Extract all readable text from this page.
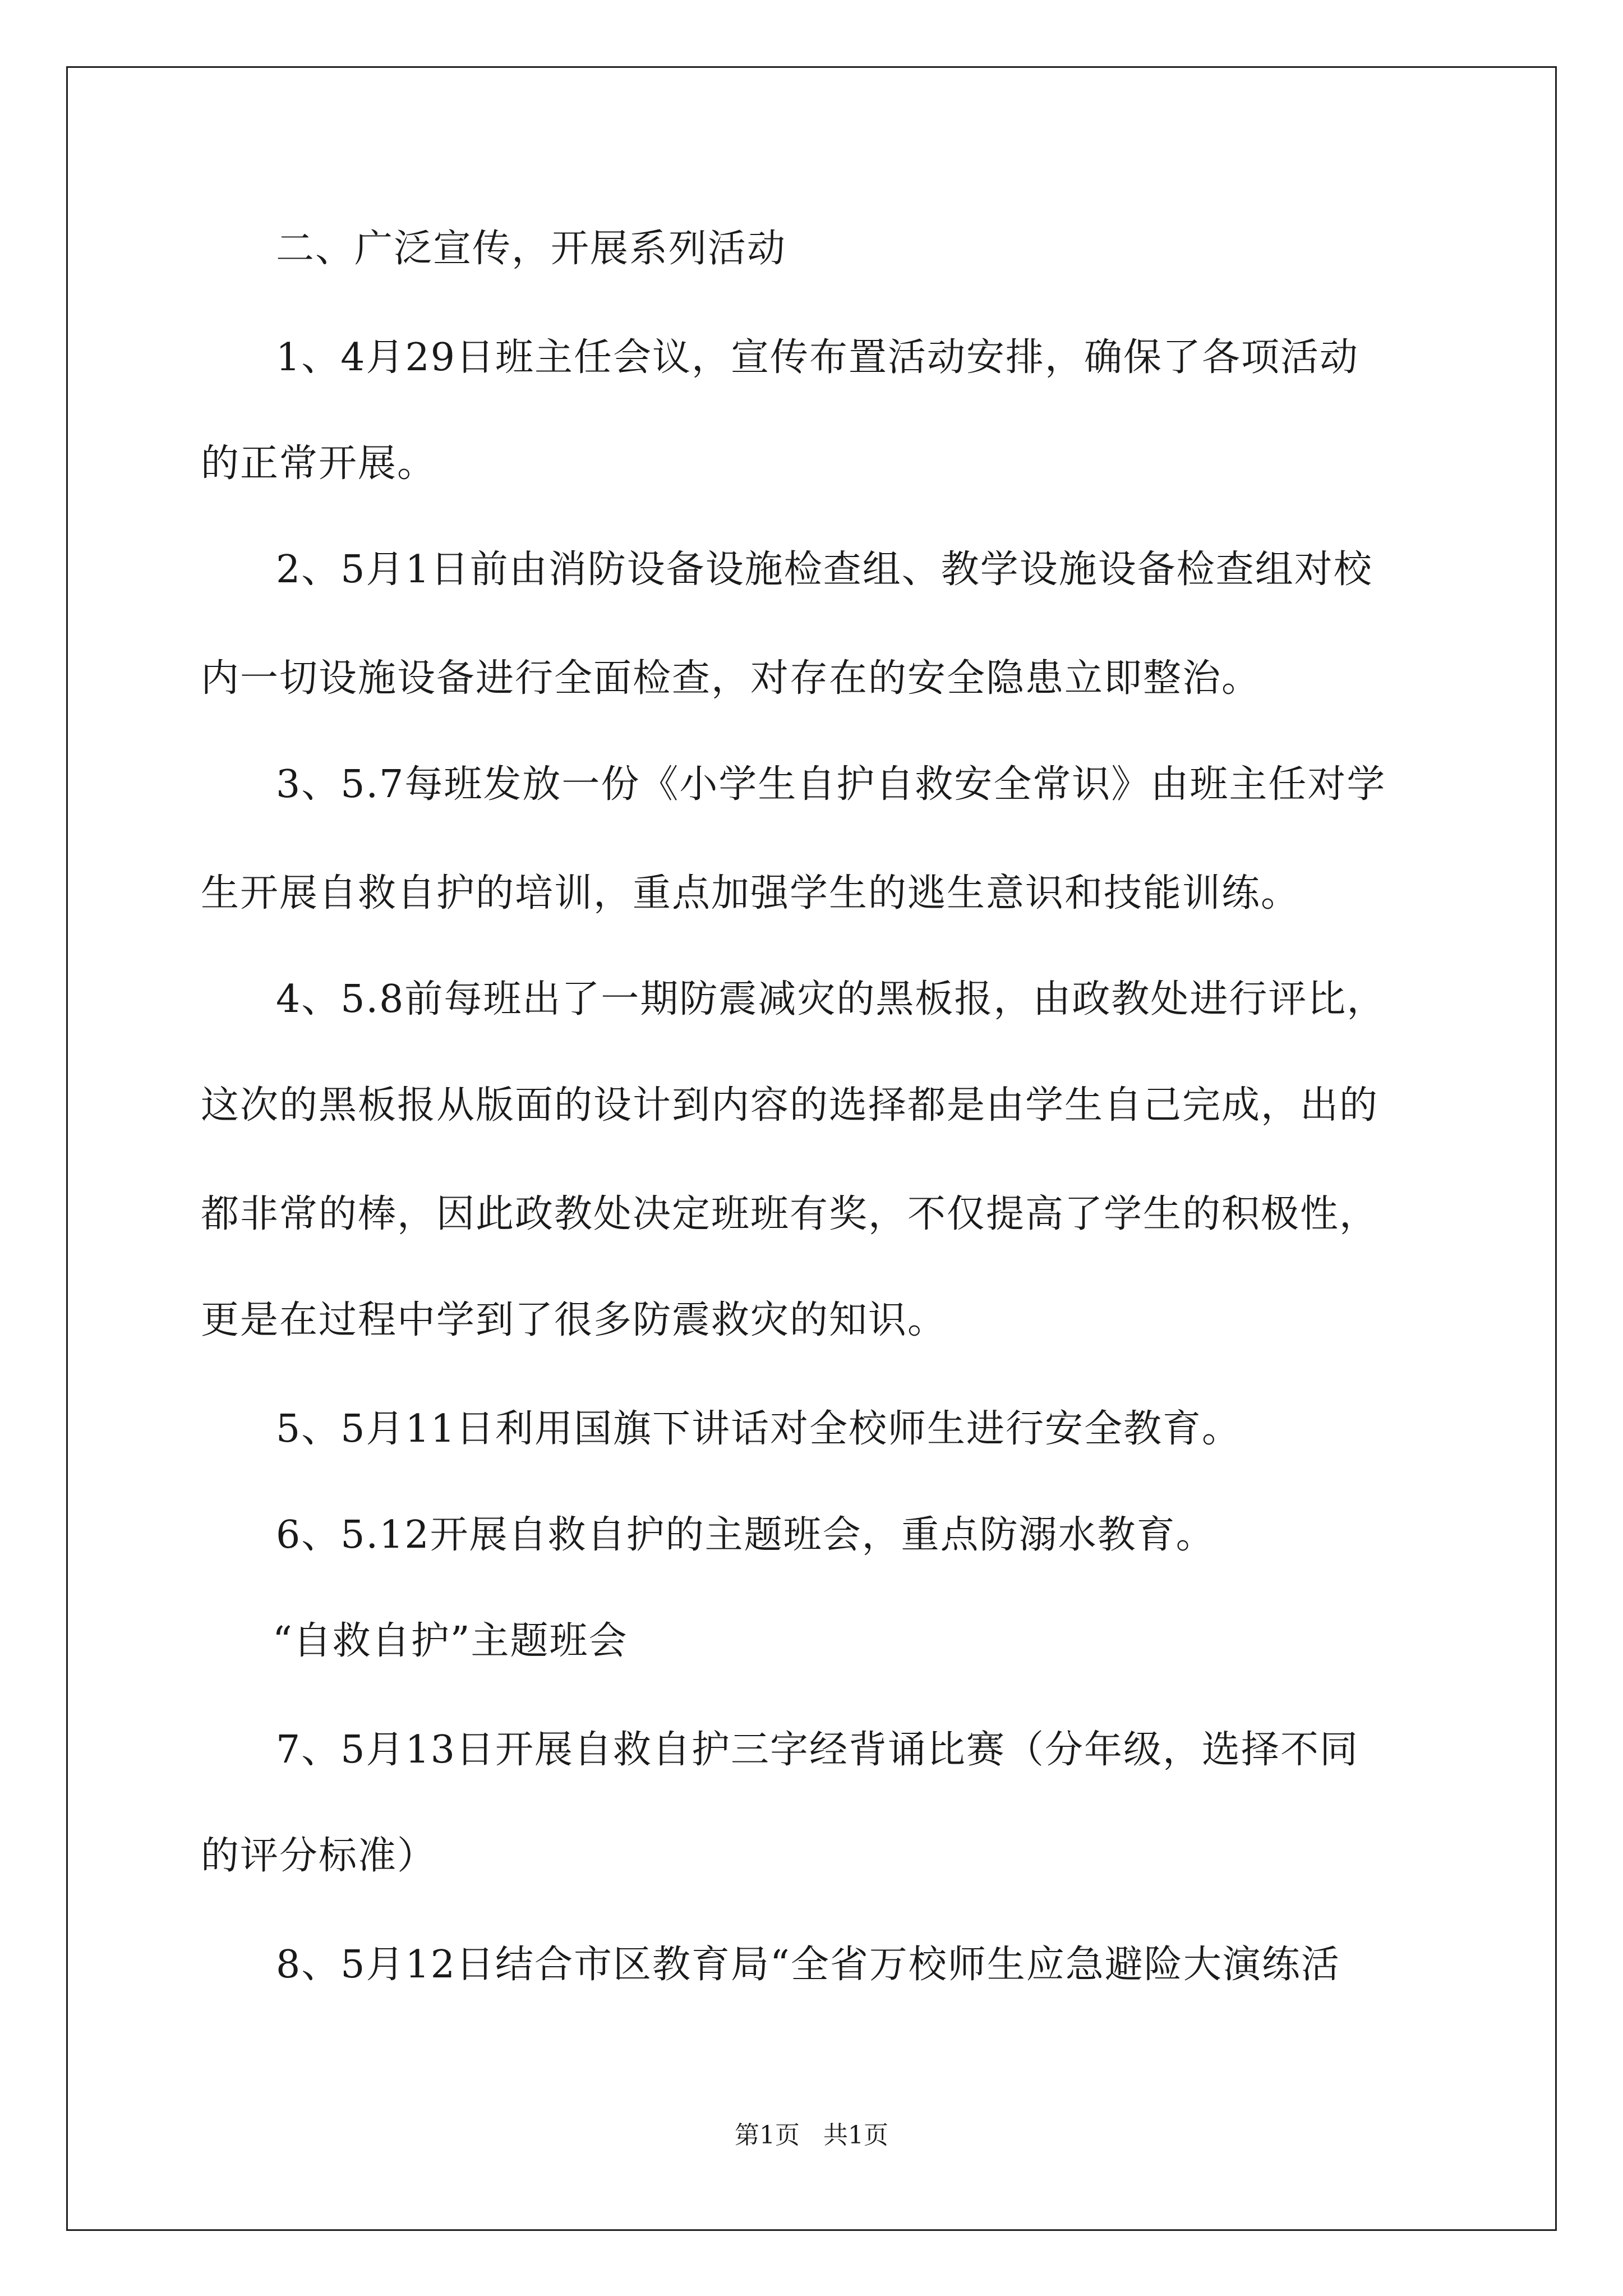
二、广泛宣传，开展系列活动
1、4月29日班主任会议，宣传布置活动安排，确保了各项活动
的正常开展。
2、5月1日前由消防设备设施检查组、教学设施设备检查组对校
内一切设施设备进行全面检查，对存在的安全隐患立即整治。
3、5.7每班发放一份《小学生自护自救安全常识》由班主任对学
生开展自救自护的培训，重点加强学生的逃生意识和技能训练。
4、5.8前每班出了一期防震减灾的黑板报，由政教处进行评比，
这次的黑板报从版面的设计到内容的选择都是由学生自己完成，出的
都非常的棒，因此政教处决定班班有奖，不仅提高了学生的积极性，
更是在过程中学到了很多防震救灾的知识。
5、5月11日利用国旗下讲话对全校师生进行安全教育。
6、5.12开展自救自护的主题班会，重点防溺水教育。
“自救自护”主题班会
7、5月13日开展自救自护三字经背诵比赛（分年级，选择不同
的评分标准）
8、5月12日结合市区教育局“全省万校师生应急避险大演练活
第1页   共1页
